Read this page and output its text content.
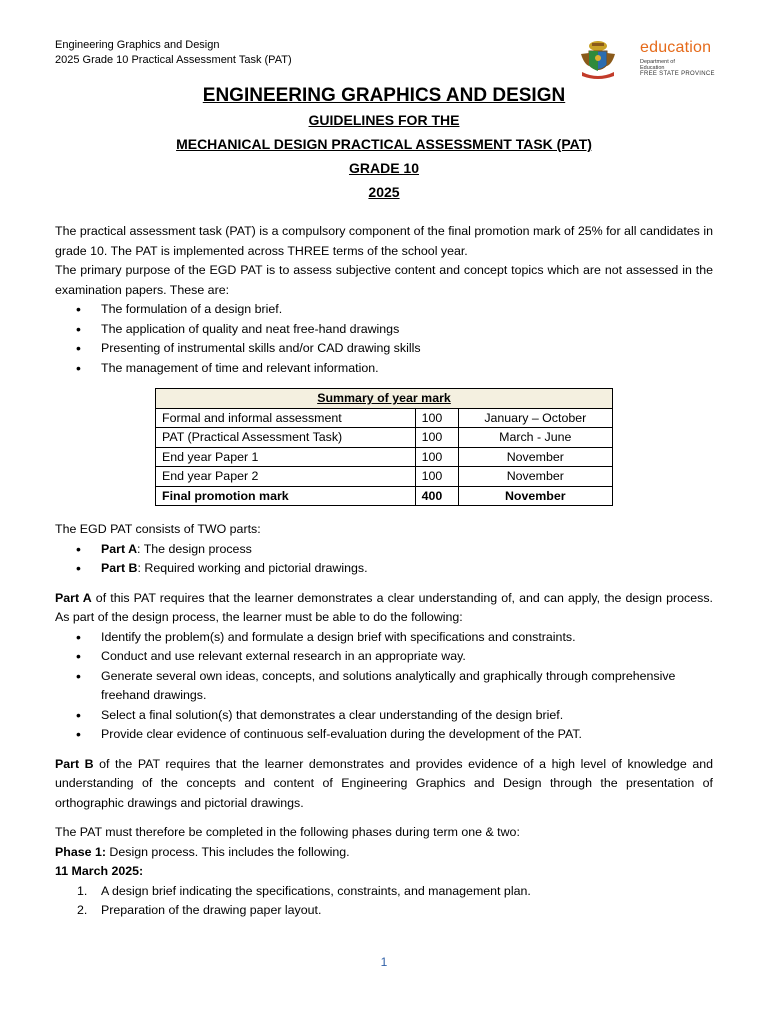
Engineering Graphics and Design
2025 Grade 10 Practical Assessment Task (PAT)
education
Department of
Education
FREE STATE PROVINCE

ENGINEERING GRAPHICS AND DESIGN

GUIDELINES FOR THE

MECHANICAL DESIGN PRACTICAL ASSESSMENT TASK (PAT)

GRADE 10

2025

The practical assessment task (PAT) is a compulsory component of the final promotion mark of 25% for all candidates in grade 10. The PAT is implemented across THREE terms of the school year.

The primary purpose of the EGD PAT is to assess subjective content and concept topics which are not assessed in the examination papers. These are:

• The formulation of a design brief.
• The application of quality and neat free-hand drawings
• Presenting of instrumental skills and/or CAD drawing skills
• The management of time and relevant information.
Summary of year mark		
Formal and informal assessment	100	January – October
PAT (Practical Assessment Task)	100	March - June
End year Paper 1	100	November
End year Paper 2	100	November
Final promotion mark	400	November

The EGD PAT consists of TWO parts:

• Part A: The design process
• Part B: Required working and pictorial drawings.

Part A of this PAT requires that the learner demonstrates a clear understanding of, and can apply, the design process. As part of the design process, the learner must be able to do the following:

• Identify the problem(s) and formulate a design brief with specifications and constraints.
• Conduct and use relevant external research in an appropriate way.
• Generate several own ideas, concepts, and solutions analytically and graphically through comprehensive freehand drawings.
• Select a final solution(s) that demonstrates a clear understanding of the design brief.
• Provide clear evidence of continuous self-evaluation during the development of the PAT.

Part B of the PAT requires that the learner demonstrates and provides evidence of a high level of knowledge and understanding of the concepts and content of Engineering Graphics and Design through the presentation of orthographic drawings and pictorial drawings.

The PAT must therefore be completed in the following phases during term one & two:

Phase 1: Design process. This includes the following.

11 March 2025:

1. A design brief indicating the specifications, constraints, and management plan.
2. Preparation of the drawing paper layout.
1
